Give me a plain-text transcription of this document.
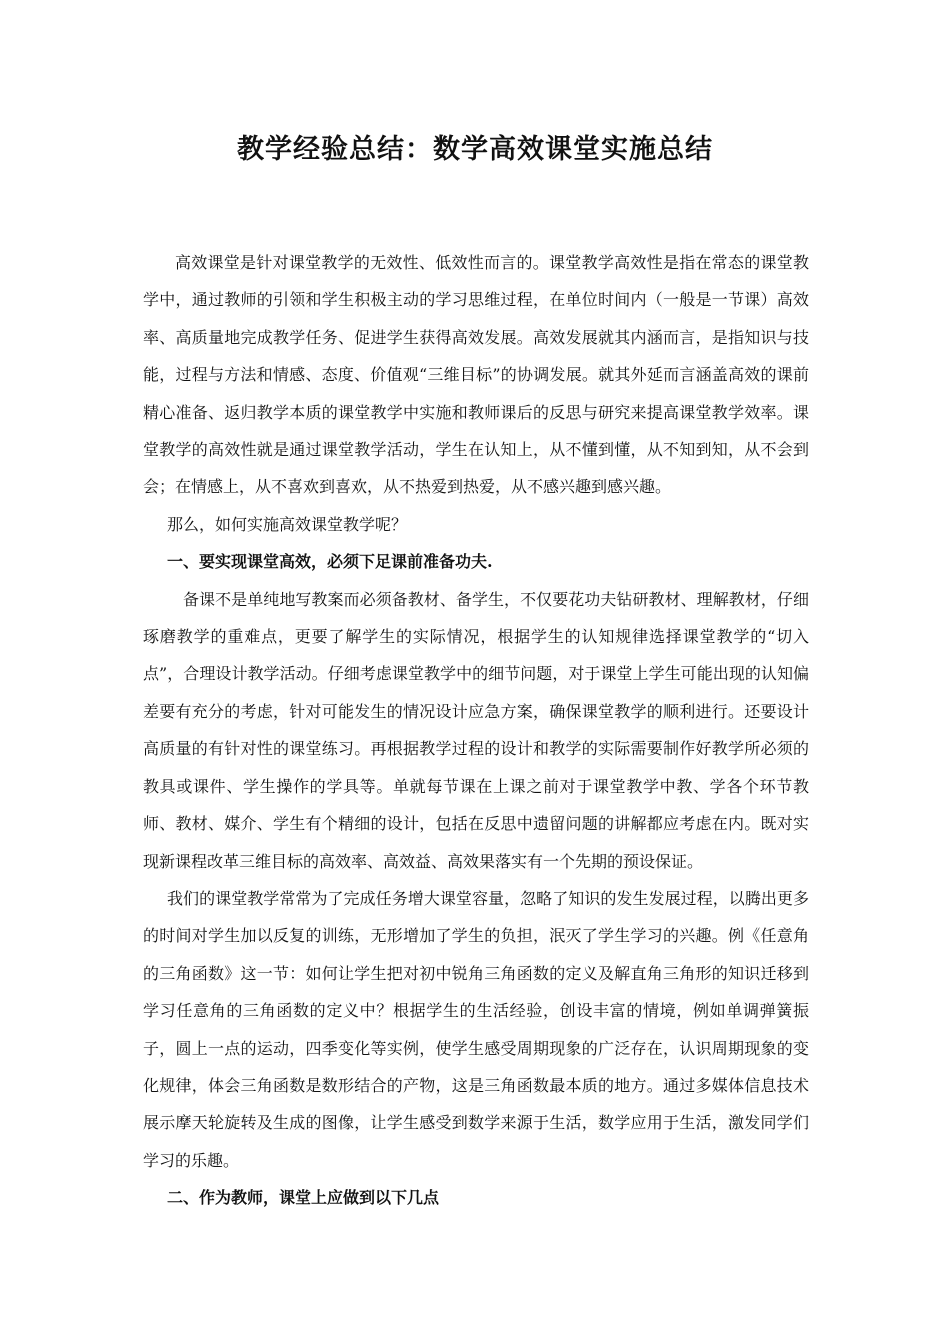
教学经验总结：数学高效课堂实施总结

高效课堂是针对课堂教学的无效性、低效性而言的。课堂教学高效性是指在常态的课堂教学中，通过教师的引领和学生积极主动的学习思维过程，在单位时间内（一般是一节课）高效率、高质量地完成教学任务、促进学生获得高效发展。高效发展就其内涵而言，是指知识与技能，过程与方法和情感、态度、价值观“三维目标”的协调发展。就其外延而言涵盖高效的课前精心准备、返归教学本质的课堂教学中实施和教师课后的反思与研究来提高课堂教学效率。课堂教学的高效性就是通过课堂教学活动，学生在认知上，从不懂到懂，从不知到知，从不会到会；在情感上，从不喜欢到喜欢，从不热爱到热爱，从不感兴趣到感兴趣。

那么，如何实施高效课堂教学呢？

一、要实现课堂高效，必须下足课前准备功夫.

备课不是单纯地写教案而必须备教材、备学生，不仅要花功夫钻研教材、理解教材，仔细琢磨教学的重难点，更要了解学生的实际情况，根据学生的认知规律选择课堂教学的“切入点”，合理设计教学活动。仔细考虑课堂教学中的细节问题，对于课堂上学生可能出现的认知偏差要有充分的考虑，针对可能发生的情况设计应急方案，确保课堂教学的顺利进行。还要设计高质量的有针对性的课堂练习。再根据教学过程的设计和教学的实际需要制作好教学所必须的教具或课件、学生操作的学具等。单就每节课在上课之前对于课堂教学中教、学各个环节教师、教材、媒介、学生有个精细的设计，包括在反思中遗留问题的讲解都应考虑在内。既对实现新课程改革三维目标的高效率、高效益、高效果落实有一个先期的预设保证。

我们的课堂教学常常为了完成任务增大课堂容量，忽略了知识的发生发展过程，以腾出更多的时间对学生加以反复的训练，无形增加了学生的负担，泯灭了学生学习的兴趣。例《任意角的三角函数》这一节：如何让学生把对初中锐角三角函数的定义及解直角三角形的知识迁移到学习任意角的三角函数的定义中？根据学生的生活经验，创设丰富的情境，例如单调弹簧振子，圆上一点的运动，四季变化等实例，使学生感受周期现象的广泛存在，认识周期现象的变化规律，体会三角函数是数形结合的产物，这是三角函数最本质的地方。通过多媒体信息技术展示摩天轮旋转及生成的图像，让学生感受到数学来源于生活，数学应用于生活，激发同学们学习的乐趣。

二、作为教师，课堂上应做到以下几点
